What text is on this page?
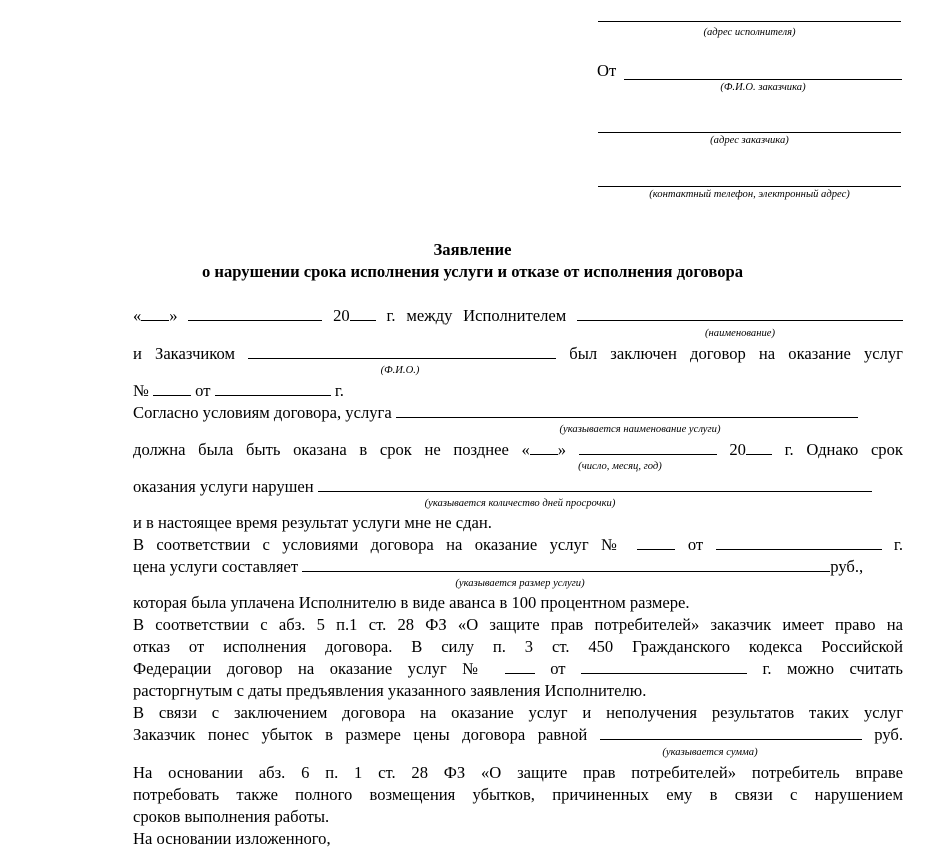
(адрес исполнителя)
От
(Ф.И.О. заказчика)
(адрес заказчика)
(контактный телефон, электронный адрес)
Заявление
о нарушении срока исполнения услуги и отказе от исполнения договора
« »	20 г. между Исполнителем
(наименование)
и Заказчиком	был заключен договор на оказание услуг
(Ф.И.О.)
№	от	г.
Согласно условиям договора, услуга
(указывается наименование услуги)
должна была быть оказана в срок не позднее « »	20 г. Однако срок
(число, месяц, год)
оказания услуги нарушен
(указывается количество дней просрочки)
и в настоящее время результат услуги мне не сдан.
В соответствии с условиями договора на оказание услуг №	от	г.
цена услуги составляет	руб.,
(указывается размер услуги)
которая была уплачена Исполнителю в виде аванса в 100 процентном размере.
В соответствии с абз. 5 п.1 ст. 28 ФЗ «О защите прав потребителей» заказчик имеет право на
отказ от исполнения договора. В силу п. 3 ст. 450 Гражданского кодекса Российской
Федерации договор на оказание услуг №	от	г. можно считать
расторгнутым с даты предъявления указанного заявления Исполнителю.
В связи с заключением договора на оказание услуг и неполучения результатов таких услуг
Заказчик понес убыток в размере цены договора равной	руб.
(указывается сумма)
На основании абз. 6 п. 1 ст. 28 ФЗ «О защите прав потребителей» потребитель вправе
потребовать также полного возмещения убытков, причиненных ему в связи с нарушением
сроков выполнения работы.
На основании изложенного,
